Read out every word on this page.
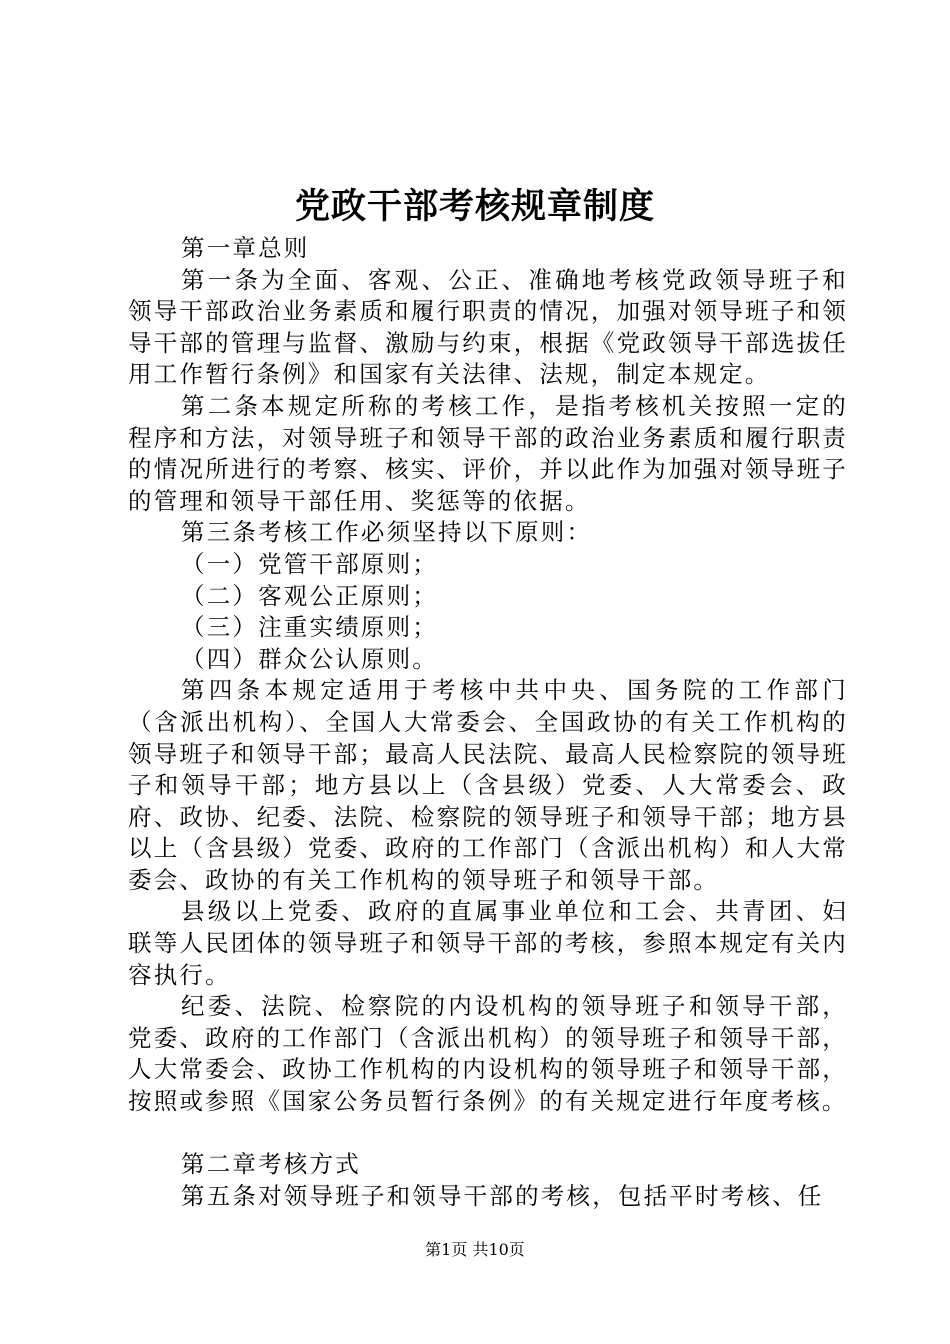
党政干部考核规章制度

第一章总则

第一条为全面、客观、公正、准确地考核党政领导班子和领导干部政治业务素质和履行职责的情况，加强对领导班子和领导干部的管理与监督、激励与约束，根据《党政领导干部选拔任用工作暂行条例》和国家有关法律、法规，制定本规定。

第二条本规定所称的考核工作，是指考核机关按照一定的程序和方法，对领导班子和领导干部的政治业务素质和履行职责的情况所进行的考察、核实、评价，并以此作为加强对领导班子的管理和领导干部任用、奖惩等的依据。

第三条考核工作必须坚持以下原则：

（一）党管干部原则；

（二）客观公正原则；

（三）注重实绩原则；

（四）群众公认原则。

第四条本规定适用于考核中共中央、国务院的工作部门（含派出机构）、全国人大常委会、全国政协的有关工作机构的领导班子和领导干部；最高人民法院、最高人民检察院的领导班子和领导干部；地方县以上（含县级）党委、人大常委会、政府、政协、纪委、法院、检察院的领导班子和领导干部；地方县以上（含县级）党委、政府的工作部门（含派出机构）和人大常委会、政协的有关工作机构的领导班子和领导干部。

县级以上党委、政府的直属事业单位和工会、共青团、妇联等人民团体的领导班子和领导干部的考核，参照本规定有关内容执行。

纪委、法院、检察院的内设机构的领导班子和领导干部，党委、政府的工作部门（含派出机构）的领导班子和领导干部，人大常委会、政协工作机构的内设机构的领导班子和领导干部，按照或参照《国家公务员暂行条例》的有关规定进行年度考核。

第二章考核方式

第五条对领导班子和领导干部的考核，包括平时考核、任

第1页 共10页
